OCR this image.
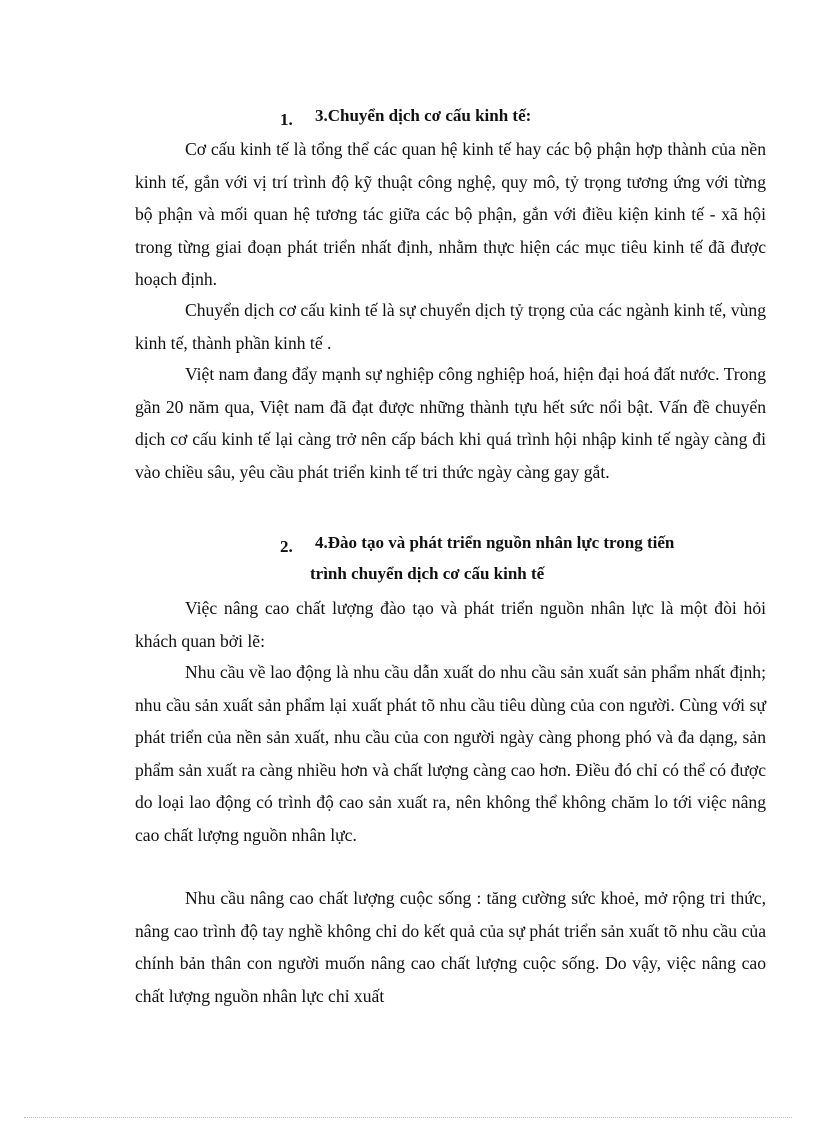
1. 3.Chuyển dịch cơ cấu kinh tế:

Cơ cấu kinh tế là tổng thể các quan hệ kinh tế hay các bộ phận hợp thành của nền kinh tế, gắn với vị trí trình độ kỹ thuật công nghệ, quy mô, tỷ trọng tương ứng với từng bộ phận và mối quan hệ tương tác giữa các bộ phận, gắn với điều kiện kinh tế - xã hội trong từng giai đoạn phát triển nhất định, nhằm thực hiện các mục tiêu kinh tế đã được hoạch định.

Chuyển dịch cơ cấu kinh tế là sự chuyển dịch tỷ trọng của các ngành kinh tế, vùng kinh tế, thành phần kinh tế .

Việt nam đang đẩy mạnh sự nghiệp công nghiệp hoá, hiện đại hoá đất nước. Trong gần 20 năm qua, Việt nam đã đạt được những thành tựu hết sức nổi bật. Vấn đề chuyển dịch cơ cấu kinh tế lại càng trở nên cấp bách khi quá trình hội nhập kinh tế ngày càng đi vào chiều sâu, yêu cầu phát triển kinh tế tri thức ngày càng gay gắt.

2. 4.Đào tạo và phát triển nguồn nhân lực trong tiến
trình chuyển dịch cơ cấu kinh tế

Việc nâng cao chất lượng đào tạo và phát triển nguồn nhân lực là một đòi hỏi khách quan bởi lẽ:

Nhu cầu về lao động là nhu cầu dẫn xuất do nhu cầu sản xuất sản phẩm nhất định; nhu cầu sản xuất sản phẩm lại xuất phát tõ nhu cầu tiêu dùng của con người. Cùng với sự phát triển của nền sản xuất, nhu cầu của con người ngày càng phong phó và đa dạng, sản phẩm sản xuất ra càng nhiều hơn và chất lượng càng cao hơn. Điều đó chỉ có thể có được do loại lao động có trình độ cao sản xuất ra, nên không thể không chăm lo tới việc nâng cao chất lượng nguồn nhân lực.

Nhu cầu nâng cao chất lượng cuộc sống : tăng cường sức khoẻ, mở rộng tri thức, nâng cao trình độ tay nghề không chỉ do kết quả của sự phát triển sản xuất tõ nhu cầu của chính bản thân con người muốn nâng cao chất lượng cuộc sống. Do vậy, việc nâng cao chất lượng nguồn nhân lực chỉ xuất
